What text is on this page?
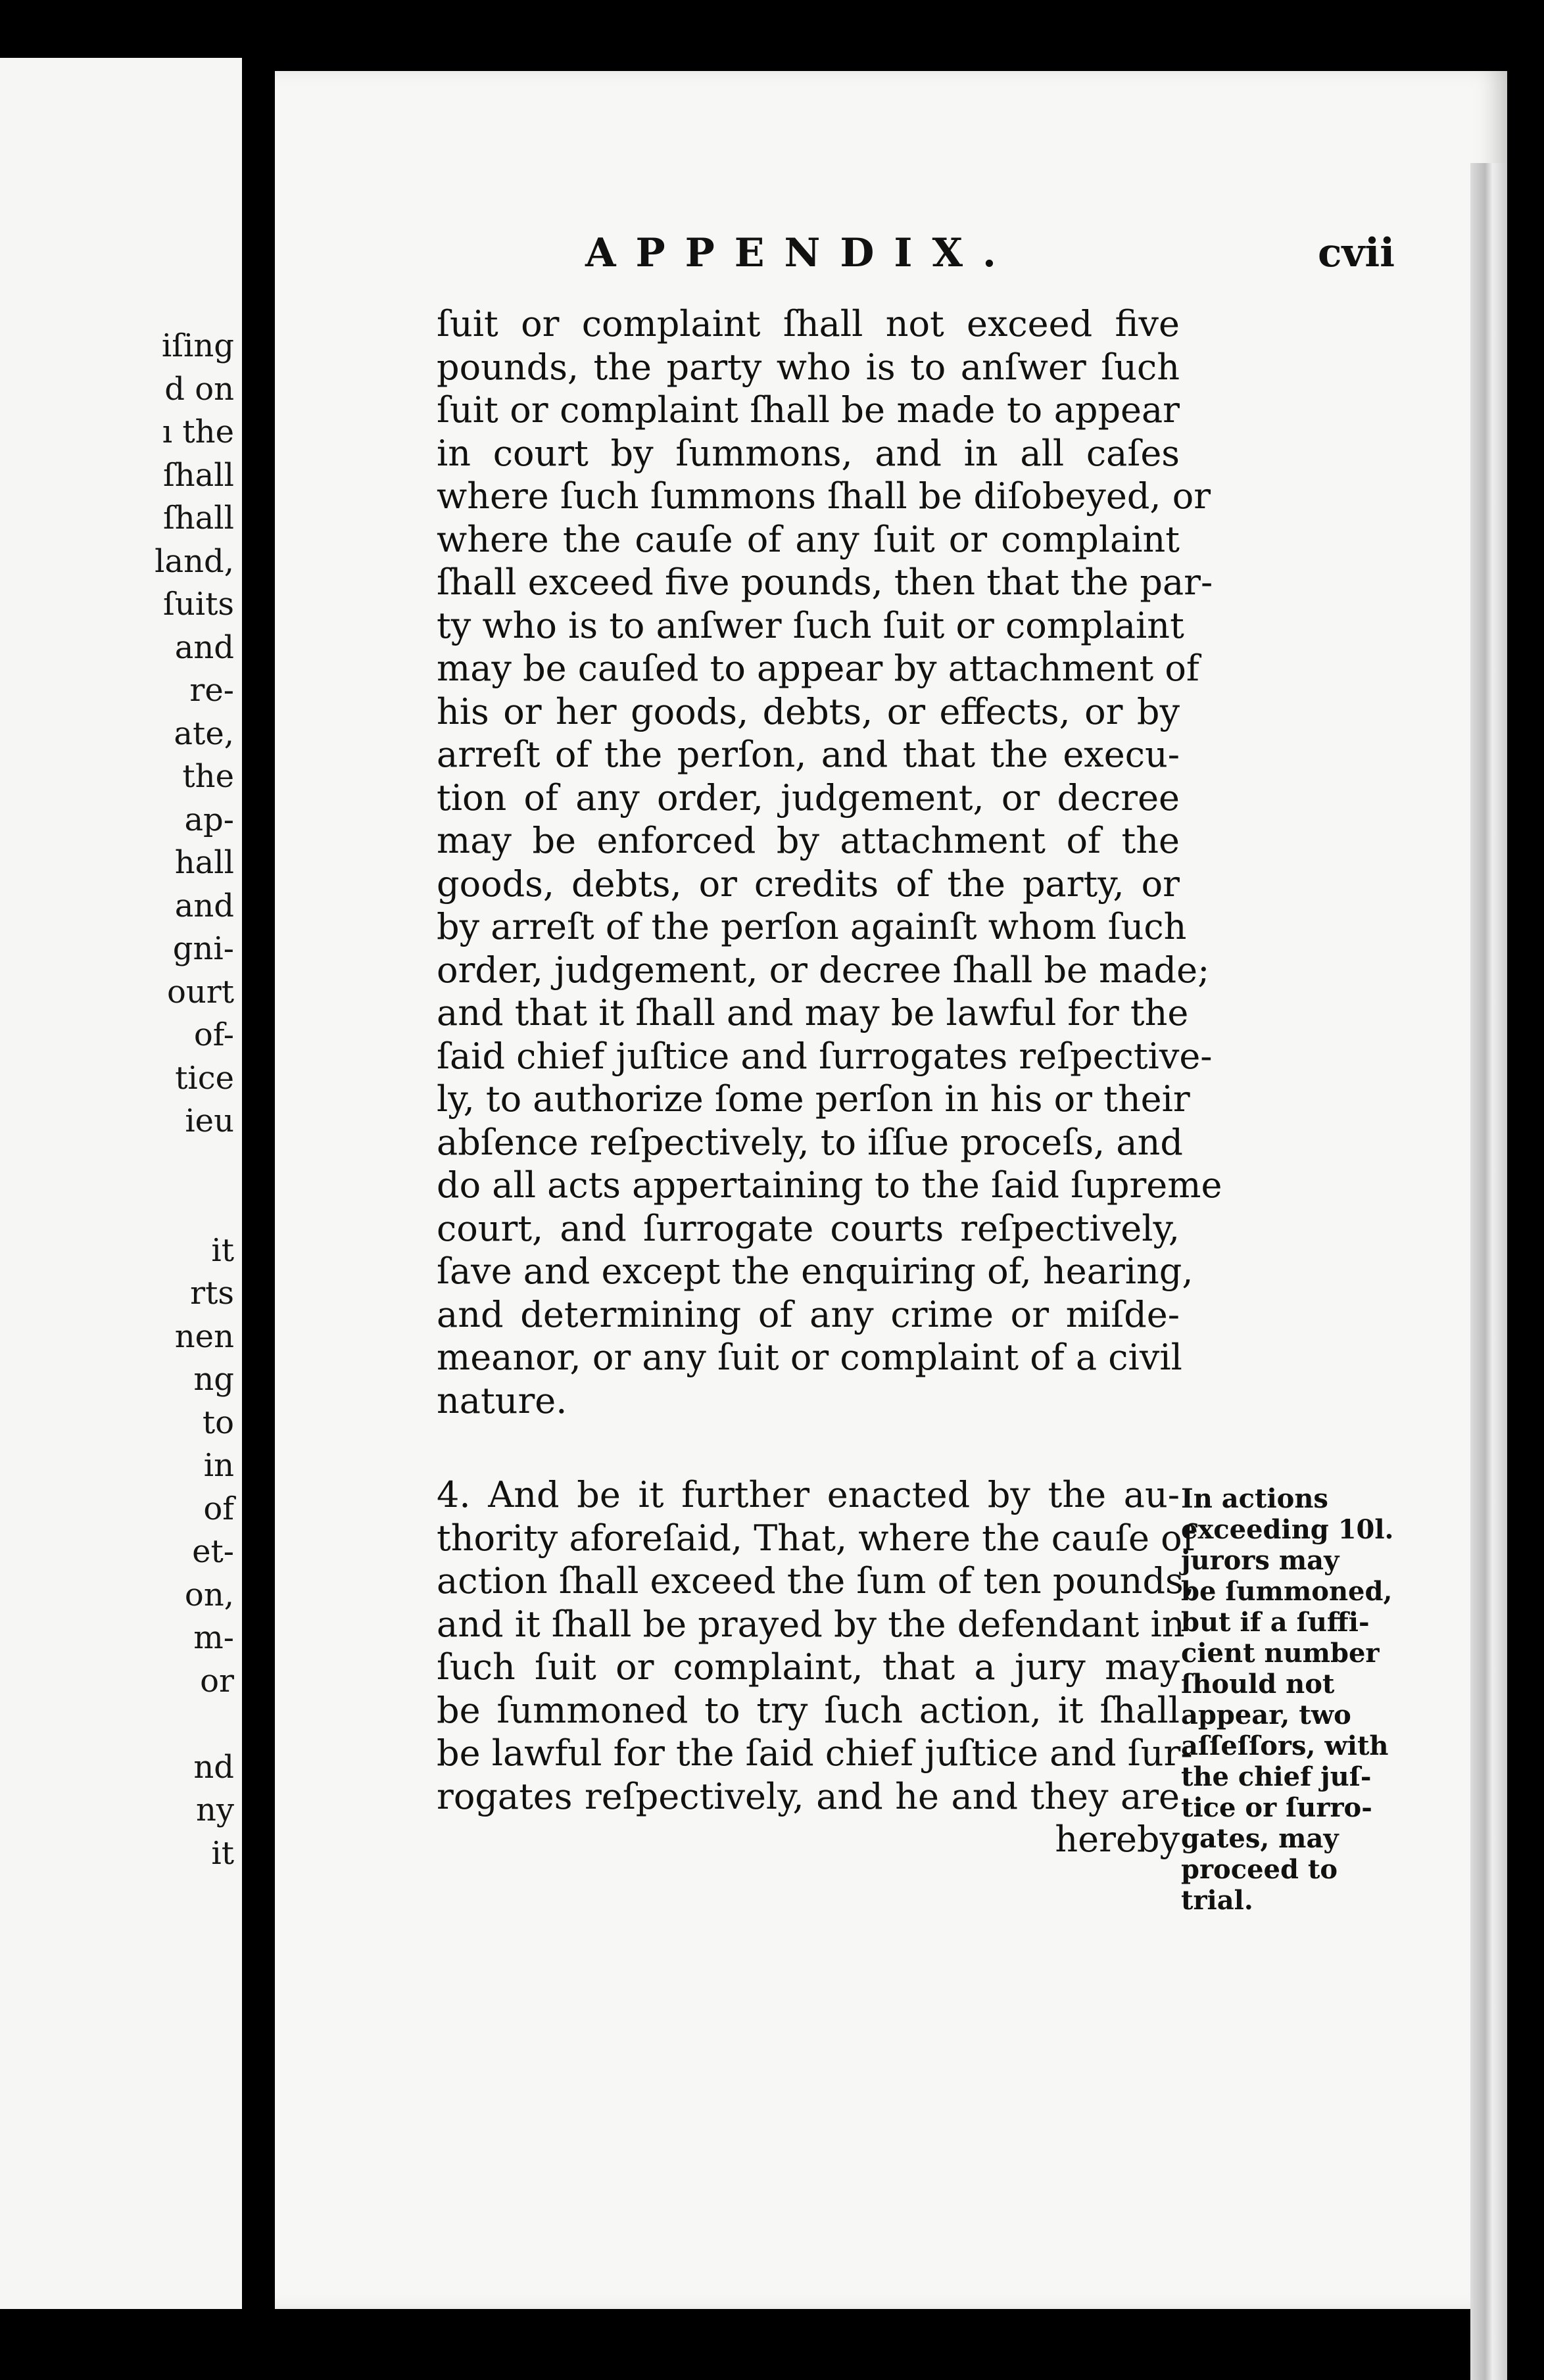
iſing
d on
ı the
ſhall
ſhall
land,
ſuits
and
re-
ate,
the
ap-
hall
and
gni-
ourt
of-
tice
ieu
it
rts
nen
ng
to
in
of
et-
on,
m-
or
nd
ny
it
APPENDIX.	cvii
ſuit or complaint ſhall not exceed five
pounds, the party who is to anſwer ſuch
ſuit or complaint ſhall be made to appear
in court by ſummons, and in all caſes
where ſuch ſummons ſhall be diſobeyed, or
where the cauſe of any ſuit or complaint
ſhall exceed five pounds, then that the par-
ty who is to anſwer ſuch ſuit or complaint
may be cauſed to appear by attachment of
his or her goods, debts, or effects, or by
arreſt of the perſon, and that the execu-
tion of any order, judgement, or decree
may be enforced by attachment of the
goods, debts, or credits of the party, or
by arreſt of the perſon againſt whom ſuch
order, judgement, or decree ſhall be made;
and that it ſhall and may be lawful for the
ſaid chief juſtice and ſurrogates reſpective-
ly, to authorize ſome perſon in his or their
abſence reſpectively, to iſſue proceſs, and
do all acts appertaining to the ſaid ſupreme
court, and ſurrogate courts reſpectively,
ſave and except the enquiring of, hearing,
and determining of any crime or miſde-
meanor, or any ſuit or complaint of a civil
nature.
4. And be it further enacted by the au-
thority aforeſaid, That, where the cauſe of
action ſhall exceed the ſum of ten pounds,
and it ſhall be prayed by the defendant in
ſuch ſuit or complaint, that a jury may
be ſummoned to try ſuch action, it ſhall
be lawful for the ſaid chief juſtice and ſur-
rogates reſpectively, and he and they are
hereby
In actions
exceeding 10l.
jurors may
be ſummoned,
but if a ſuffi-
cient number
ſhould not
appear, two
aſſeſſors, with
the chief juſ-
tice or ſurro-
gates, may
proceed to
trial.
